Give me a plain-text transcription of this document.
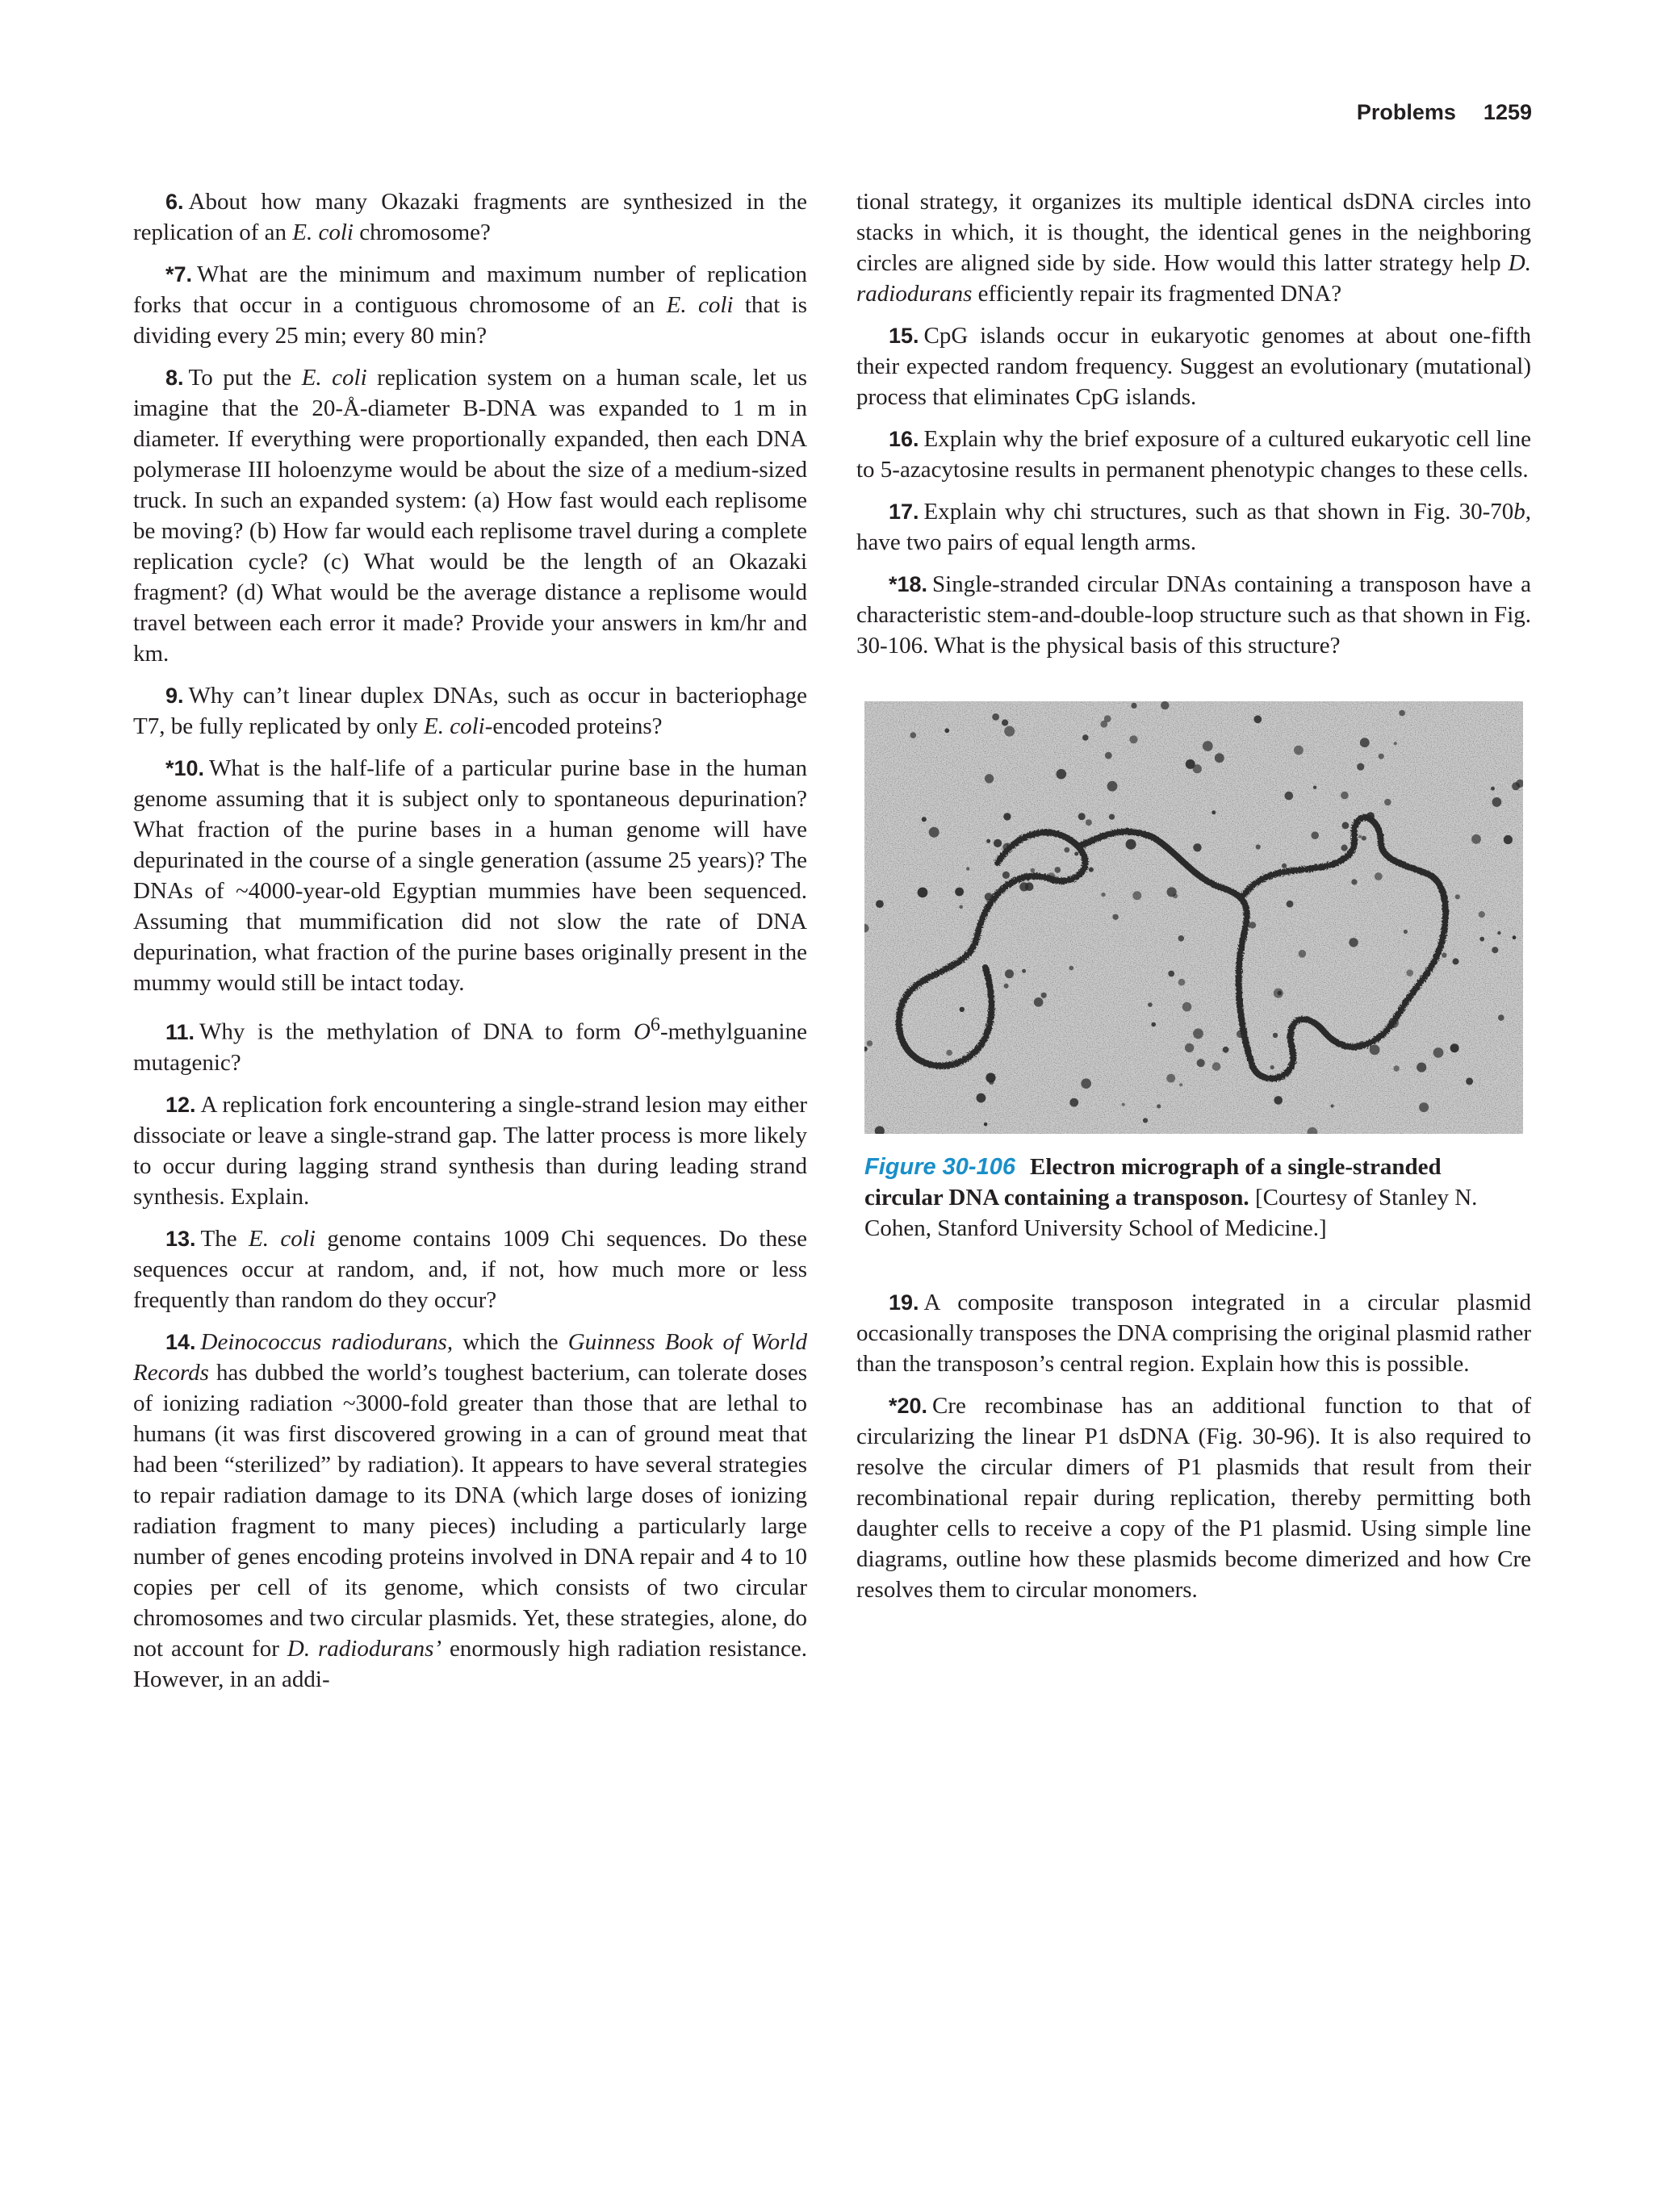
Problems 1259

6. About how many Okazaki fragments are synthesized in the replication of an E. coli chromosome?

*7. What are the minimum and maximum number of replication forks that occur in a contiguous chromosome of an E. coli that is dividing every 25 min; every 80 min?

8. To put the E. coli replication system on a human scale, let us imagine that the 20-Å-diameter B-DNA was expanded to 1 m in diameter. If everything were proportionally expanded, then each DNA polymerase III holoenzyme would be about the size of a medium-sized truck. In such an expanded system: (a) How fast would each replisome be moving? (b) How far would each replisome travel during a complete replication cycle? (c) What would be the length of an Okazaki fragment? (d) What would be the average distance a replisome would travel between each error it made? Provide your answers in km/hr and km.

9. Why can’t linear duplex DNAs, such as occur in bacteriophage T7, be fully replicated by only E. coli-encoded proteins?

*10. What is the half-life of a particular purine base in the human genome assuming that it is subject only to spontaneous depurination? What fraction of the purine bases in a human genome will have depurinated in the course of a single generation (assume 25 years)? The DNAs of ~4000-year-old Egyptian mummies have been sequenced. Assuming that mummification did not slow the rate of DNA depurination, what fraction of the purine bases originally present in the mummy would still be intact today.

11. Why is the methylation of DNA to form $O^6$-methylguanine mutagenic?

12. A replication fork encountering a single-strand lesion may either dissociate or leave a single-strand gap. The latter process is more likely to occur during lagging strand synthesis than during leading strand synthesis. Explain.

13. The E. coli genome contains 1009 Chi sequences. Do these sequences occur at random, and, if not, how much more or less frequently than random do they occur?

14. Deinococcus radiodurans, which the Guinness Book of World Records has dubbed the world’s toughest bacterium, can tolerate doses of ionizing radiation ~3000-fold greater than those that are lethal to humans (it was first discovered growing in a can of ground meat that had been “sterilized” by radiation). It appears to have several strategies to repair radiation damage to its DNA (which large doses of ionizing radiation fragment to many pieces) including a particularly large number of genes encoding proteins involved in DNA repair and 4 to 10 copies per cell of its genome, which consists of two circular chromosomes and two circular plasmids. Yet, these strategies, alone, do not account for D. radiodurans’ enormously high radiation resistance. However, in an addi-

tional strategy, it organizes its multiple identical dsDNA circles into stacks in which, it is thought, the identical genes in the neighboring circles are aligned side by side. How would this latter strategy help D. radiodurans efficiently repair its fragmented DNA?

15. CpG islands occur in eukaryotic genomes at about one-fifth their expected random frequency. Suggest an evolutionary (mutational) process that eliminates CpG islands.

16. Explain why the brief exposure of a cultured eukaryotic cell line to 5-azacytosine results in permanent phenotypic changes to these cells.

17. Explain why chi structures, such as that shown in Fig. 30-70b, have two pairs of equal length arms.

*18. Single-stranded circular DNAs containing a transposon have a characteristic stem-and-double-loop structure such as that shown in Fig. 30-106. What is the physical basis of this structure?

Figure 30-106 Electron micrograph of a single-stranded circular DNA containing a transposon. [Courtesy of Stanley N. Cohen, Stanford University School of Medicine.]

19. A composite transposon integrated in a circular plasmid occasionally transposes the DNA comprising the original plasmid rather than the transposon’s central region. Explain how this is possible.

*20. Cre recombinase has an additional function to that of circularizing the linear P1 dsDNA (Fig. 30-96). It is also required to resolve the circular dimers of P1 plasmids that result from their recombinational repair during replication, thereby permitting both daughter cells to receive a copy of the P1 plasmid. Using simple line diagrams, outline how these plasmids become dimerized and how Cre resolves them to circular monomers.
